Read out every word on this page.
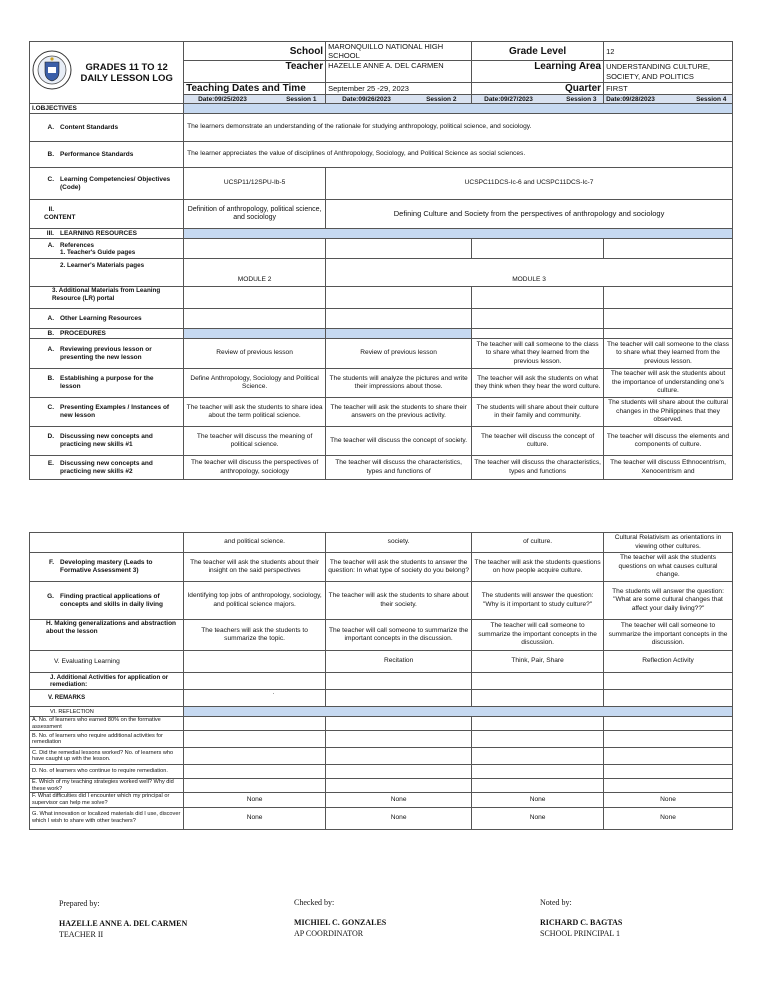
GRADES 11 TO 12
DAILY LESSON LOG	School	MARONQUILLO NATIONAL HIGH SCHOOL	Grade Level	12
	Teacher	HAZELLE ANNE A. DEL CARMEN	Learning Area	UNDERSTANDING CULTURE, SOCIETY, AND POLITICS
	Teaching Dates and Time	September 25 -29, 2023	Quarter	FIRST
	Date:09/25/2023 Session 1	Date:09/26/2023 Session 2	Date:09/27/2023 Session 3	Date:09/28/2023 Session 4
I.OBJECTIVES				
A. Content Standards	The learners demonstrate an understanding of the rationale for studying anthropology, political science, and sociology.			
B. Performance Standards	The learner appreciates the value of disciplines of Anthropology, Sociology, and Political Science as social sciences.			
C. Learning Competencies/ Objectives (Code)	UCSP11/12SPU-Ib-5	UCSPC11DCS-Ic-6 and UCSPC11DCS-Ic-7		
II.CONTENT	Definition of anthropology, political science, and sociology	Defining Culture and Society from the perspectives of anthropology and sociology		
III. LEARNING RESOURCES				
A. References
1. Teacher's Guide pages				
2. Learner's Materials pages	MODULE 2	MODULE 3		
3. Additional Materials from Leaning Resource (LR) portal				
A. Other Learning Resources				
B. PROCEDURES				
A. Reviewing previous lesson or presenting the new lesson	Review of previous lesson	Review of previous lesson	The teacher will call someone to the class to share what they learned from the previous lesson.	The teacher will call someone to the class to share what they learned from the previous lesson.
B. Establishing a purpose for the lesson	Define Anthropology, Sociology and Political Science.	The students will analyze the pictures and write their impressions about those.	The teacher will ask the students on what they think when they hear the word culture.	The teacher will ask the students about the importance of understanding one's culture.
C. Presenting Examples / Instances of new lesson	The teacher will ask the students to share idea about the term political science.	The teacher will ask the students to share their answers on the previous activity.	The students will share about their culture in their family and community.	The students will share about the cultural changes in the Philippines that they observed.
D. Discussing new concepts and practicing new skills #1	The teacher will discuss the meaning of political science.	The teacher will discuss the concept of society.	The teacher will discuss the concept of culture.	The teacher will discuss the elements and components of culture.
E. Discussing new concepts and practicing new skills #2	The teacher will discuss the perspectives of anthropology, sociology	The teacher will discuss the characteristics, types and functions of	The teacher will discuss the characteristics, types and functions	The teacher will discuss Ethnocentrism, Xenocentrism and
	and political science.	society.	of culture.	Cultural Relativism as orientations in viewing other cultures.
F. Developing mastery (Leads to Formative Assessment 3)	The teacher will ask the students about their insight on the said perspectives	The teacher will ask the students to answer the question: In what type of society do you belong?	The teacher will ask the students questions on how people acquire culture.	The teacher will ask the students questions on what causes cultural change.
G. Finding practical applications of concepts and skills in daily living	Identifying top jobs of anthropology, sociology, and political science majors.	The teacher will ask the students to share about their society.	The students will answer the question: "Why is it important to study culture?"	The students will answer the question: "What are some cultural changes that affect your daily living??"
H. Making generalizations and abstraction about the lesson	The teachers will ask the students to summarize the topic.	The teacher will call someone to summarize the important concepts in the discussion.	The teacher will call someone to summarize the important concepts in the discussion.	The teacher will call someone to summarize the important concepts in the discussion.
V. Evaluating Learning		Recitation	Think, Pair, Share	Reflection Activity
J. Additional Activities for application or remediation:				
V. REMARKS	·			
VI. REFLECTION				
A. No. of learners who earned 80% on the formative assessment				
B. No. of learners who require additional activities for remediation				
C. Did the remedial lessons worked? No. of learners who have caught up with the lesson.				
D. No. of learners who continue to require remediation.				
E. Which of my teaching strategies worked well? Why did these work?				
F. What difficulties did I encounter which my principal or supervisor can help me solve?	None	None	None	None
G. What innovation or localized materials did I use, discover which I wish to share with other teachers?	None	None	None	None
Prepared by:
HAZELLE ANNE A. DEL CARMEN
TEACHER II
Checked by:
MICHIEL C. GONZALES
AP COORDINATOR
Noted by:
RICHARD C. BAGTAS
SCHOOL PRINCIPAL 1
